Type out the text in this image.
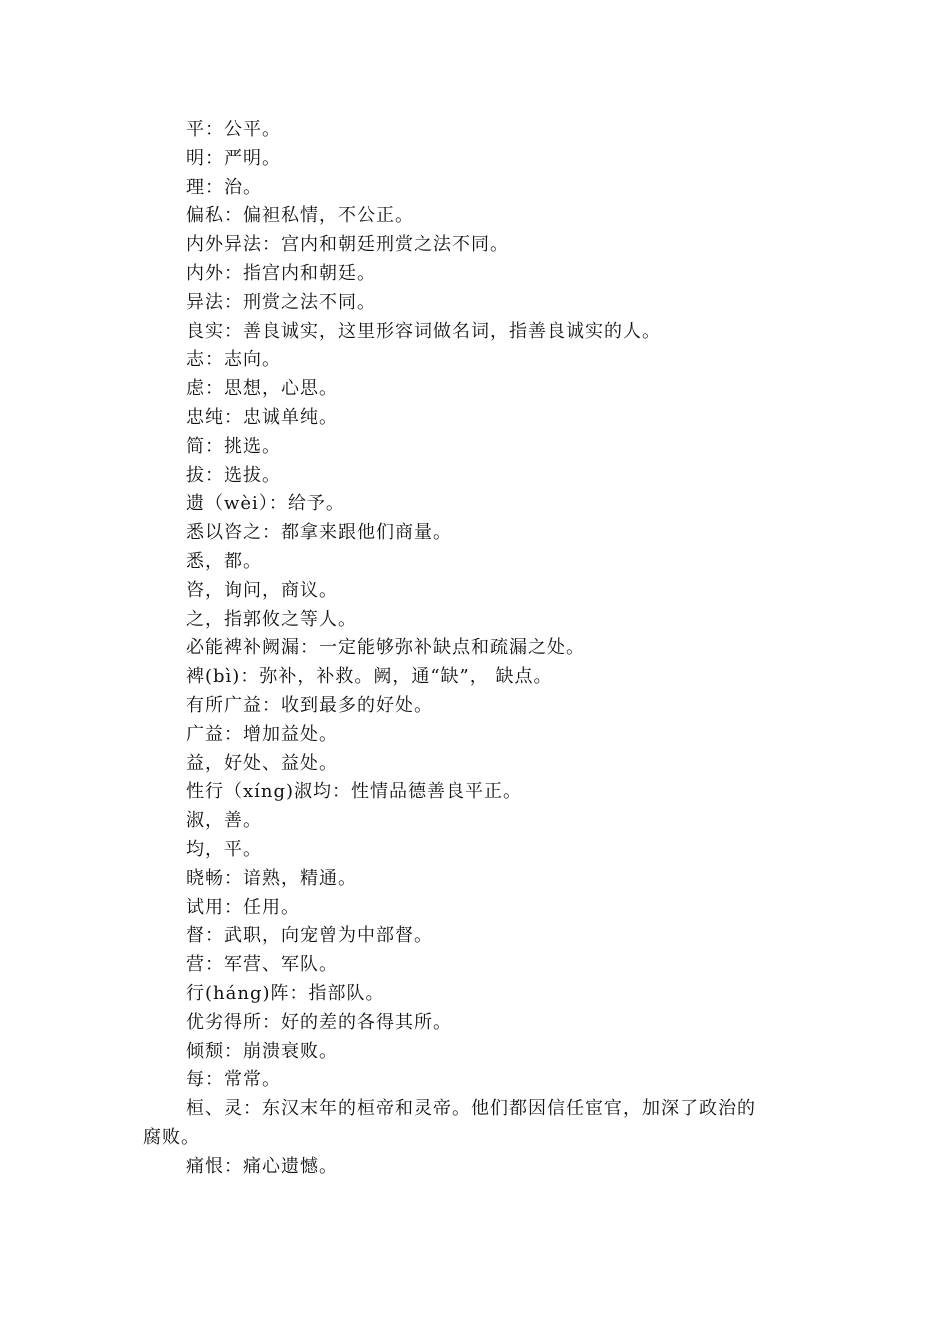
平：公平。
明：严明。
理：治。
偏私：偏袒私情，不公正。
内外异法：宫内和朝廷刑赏之法不同。
内外：指宫内和朝廷。
异法：刑赏之法不同。
良实：善良诚实，这里形容词做名词，指善良诚实的人。
志：志向。
虑：思想，心思。
忠纯：忠诚单纯。
简：挑选。
拔：选拔。
遗（wèi）：给予。
悉以咨之：都拿来跟他们商量。
悉，都。
咨，询问，商议。
之，指郭攸之等人。
必能裨补阙漏：一定能够弥补缺点和疏漏之处。
裨(bì)：弥补，补救。阙，通“缺”， 缺点。
有所广益：收到最多的好处。
广益：增加益处。
益，好处、益处。
性行（xíng)淑均：性情品德善良平正。
淑，善。
均，平。
晓畅：谙熟，精通。
试用：任用。
督：武职，向宠曾为中部督。
营：军营、军队。
行(háng)阵：指部队。
优劣得所：好的差的各得其所。
倾颓：崩溃衰败。
每：常常。
桓、灵：东汉末年的桓帝和灵帝。他们都因信任宦官，加深了政治的
腐败。
痛恨：痛心遗憾。
